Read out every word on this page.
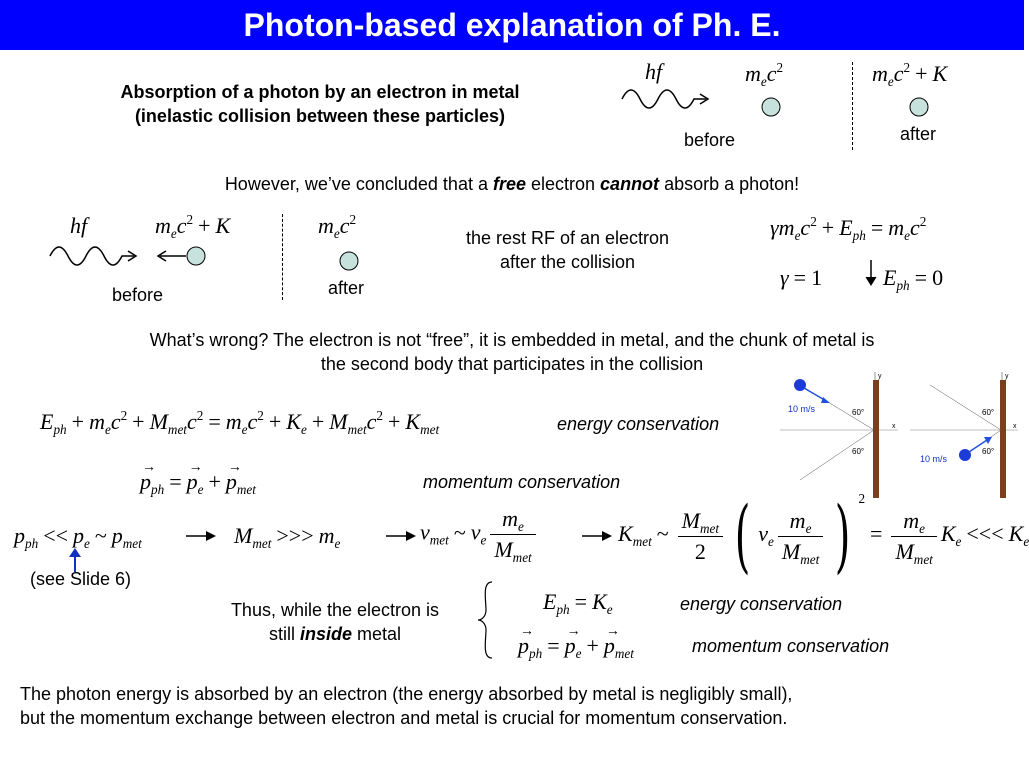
Photon-based explanation of Ph. E.
Absorption of a photon by an electron in metal
(inelastic collision between these particles)
hf	$m_ec^2$
before
$m_ec^2 + K$
after
However, we’ve concluded that a free electron cannot absorb a photon!
hf	$m_ec^2 + K$
before
$m_ec^2$
after
the rest RF of an electron
after the collision
$\gamma m_ec^2 + E_{ph} = m_ec^2$
γ = 1	$E_{ph} = 0$
What’s wrong? The electron is not “free”, it is embedded in metal, and the chunk of metal is
the second body that participates in the collision
$E_{ph} + m_ec^2 + M_{met}c^2 = m_ec^2 + K_e + M_{met}c^2 + K_{met}$	energy conservation
→ $p_{ph} =\to p_e +\to p_{met}$	momentum conservation
10 m/s	60°
60°
y
x
10 m/s
60°
60°
y
x
$p_{ph} << p_e$ ~ $p_{met}$
(see Slide 6)
$M_{met}$ >>> $m_e$	$v_{met}$ ~ $v_e \frac{m_e}{M_{met}}$	$K_{met}$ ~ $\frac{M_{met}}{2}$ ( $v_e \frac{m_e}{M_{met}}$ ) $^2= \frac{m_e}{M_{met}} K_e$ <<< $K_e$
Thus, while the electron is
still inside metal
$E_{ph} = K_e$	energy conservation
→ $p_{ph} =\to p_e +\to p_{met}$	momentum conservation
The photon energy is absorbed by an electron (the energy absorbed by metal is negligibly small),
but the momentum exchange between electron and metal is crucial for momentum conservation.
